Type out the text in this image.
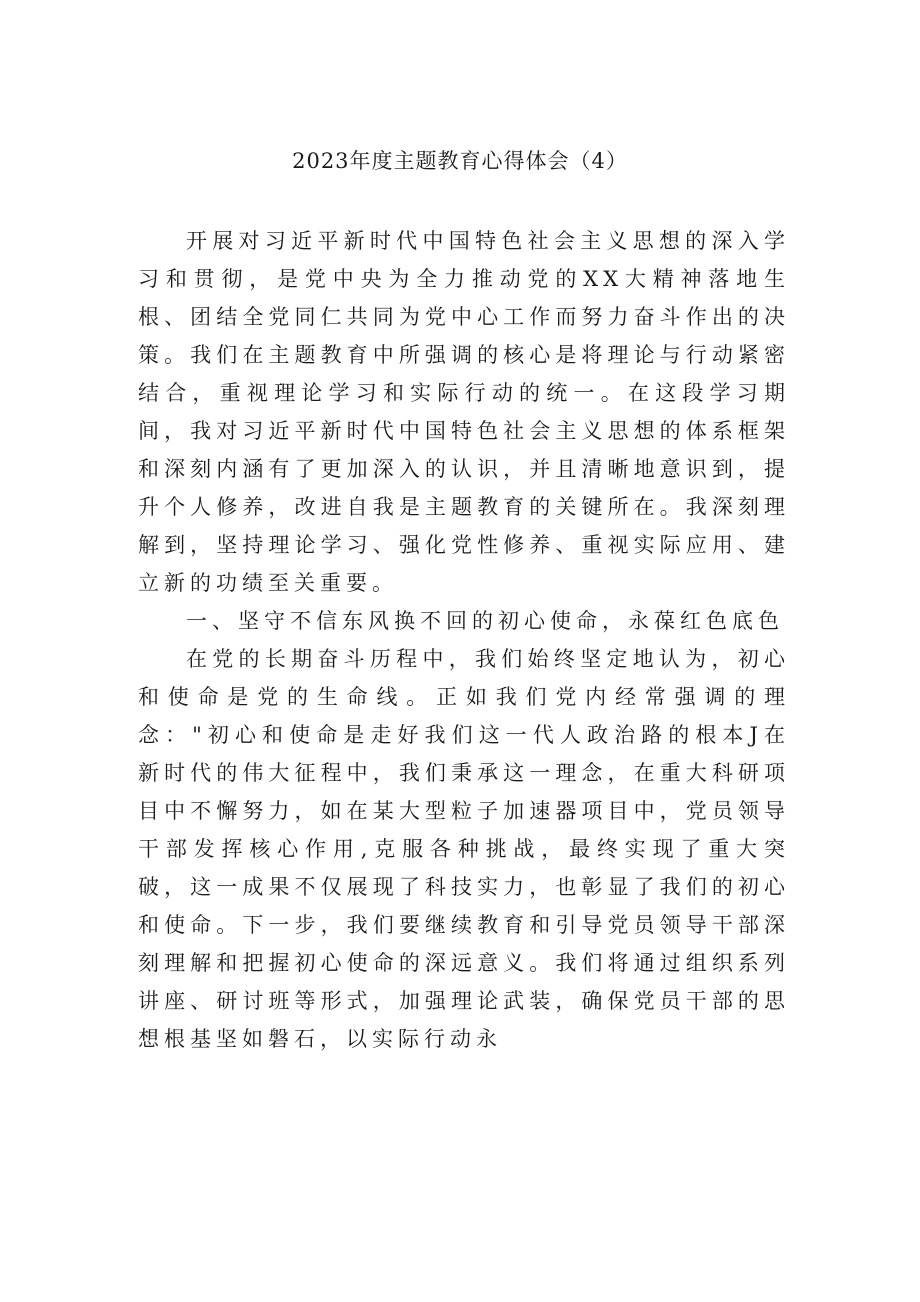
2023年度主题教育心得体会（4）

开展对习近平新时代中国特色社会主义思想的深入学习和贯彻，是党中央为全力推动党的XX大精神落地生根、团结全党同仁共同为党中心工作而努力奋斗作出的决策。我们在主题教育中所强调的核心是将理论与行动紧密结合，重视理论学习和实际行动的统一。在这段学习期间，我对习近平新时代中国特色社会主义思想的体系框架和深刻内涵有了更加深入的认识，并且清晰地意识到，提升个人修养，改进自我是主题教育的关键所在。我深刻理解到，坚持理论学习、强化党性修养、重视实际应用、建立新的功绩至关重要。

一、坚守不信东风换不回的初心使命，永葆红色底色

在党的长期奋斗历程中，我们始终坚定地认为，初心和使命是党的生命线。正如我们党内经常强调的理念："初心和使命是走好我们这一代人政治路的根本J在新时代的伟大征程中，我们秉承这一理念，在重大科研项目中不懈努力，如在某大型粒子加速器项目中，党员领导干部发挥核心作用,克服各种挑战，最终实现了重大突破，这一成果不仅展现了科技实力，也彰显了我们的初心和使命。下一步，我们要继续教育和引导党员领导干部深刻理解和把握初心使命的深远意义。我们将通过组织系列讲座、研讨班等形式，加强理论武装，确保党员干部的思想根基坚如磐石，以实际行动永
